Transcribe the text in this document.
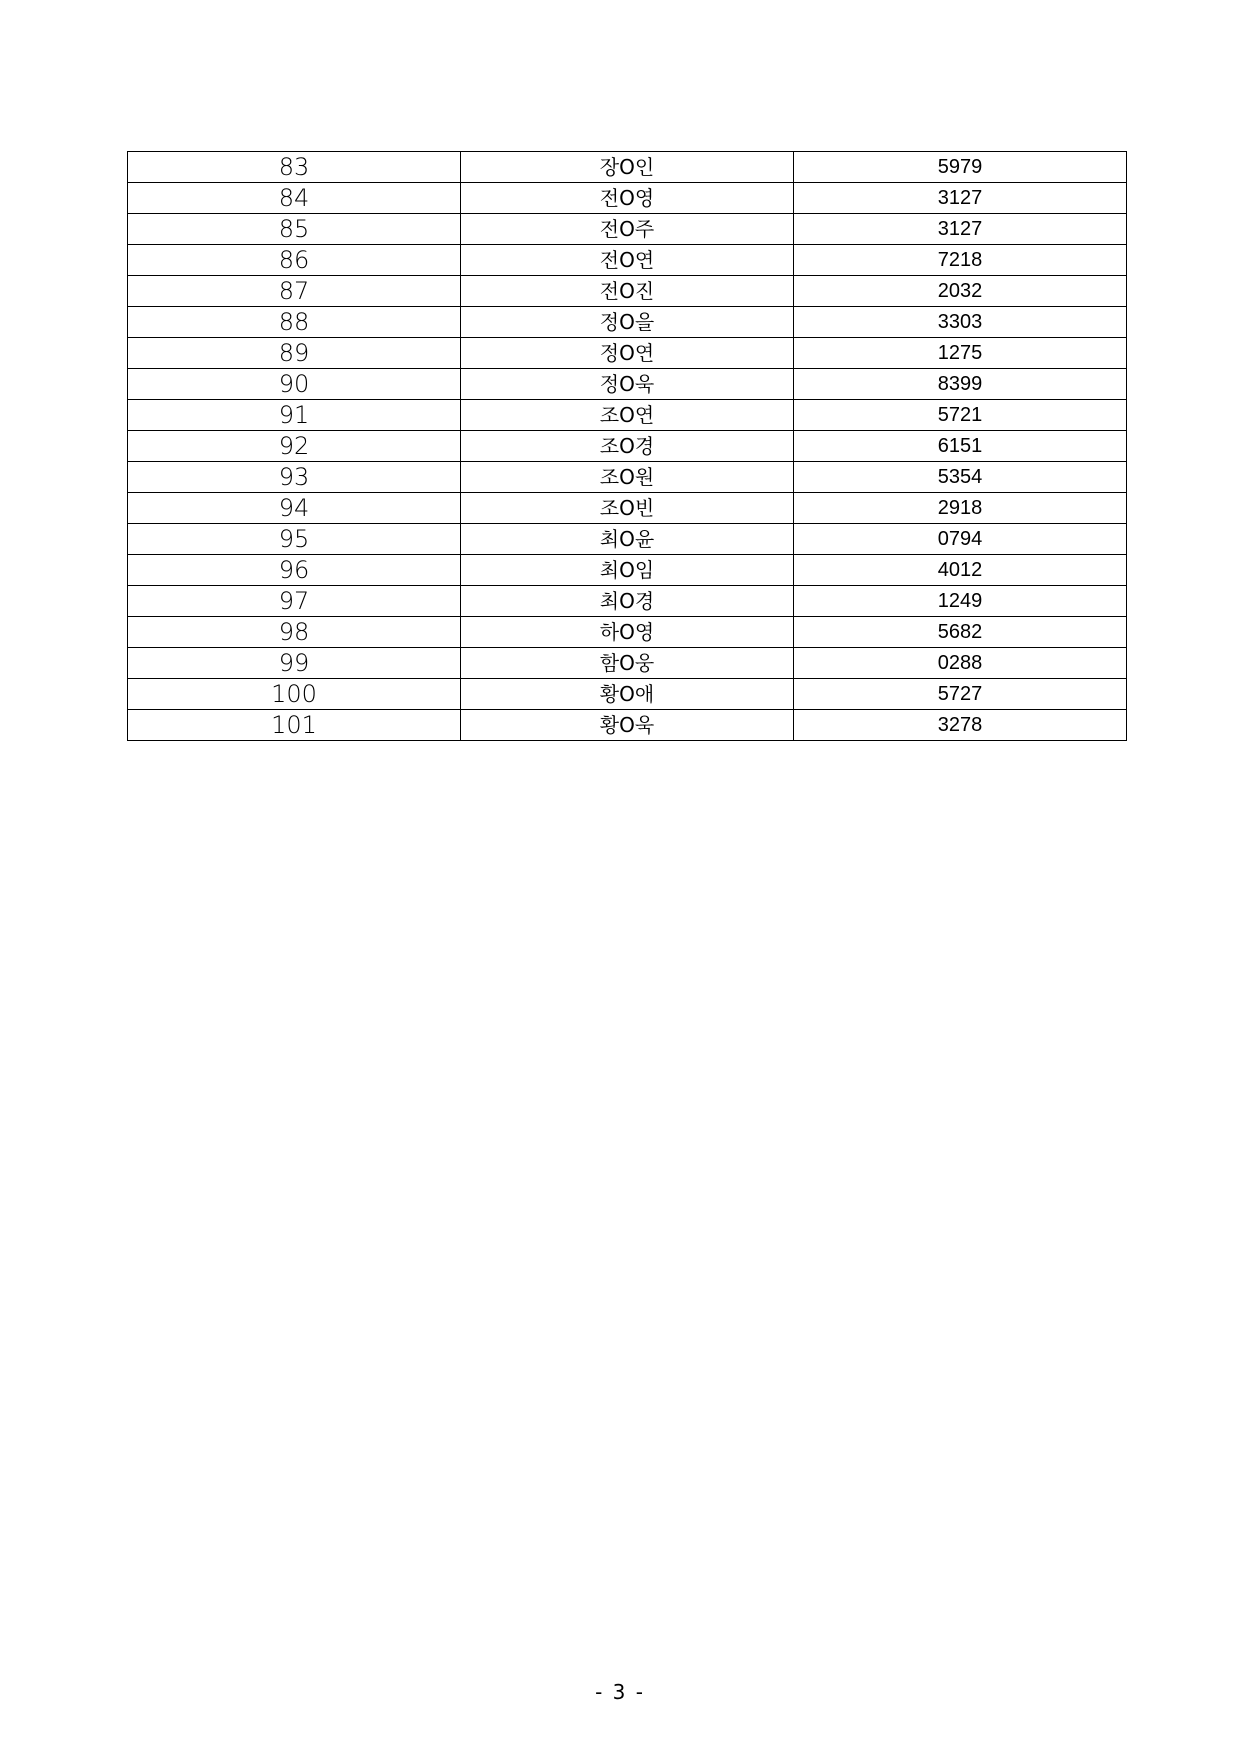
83	장O인	5979
84	전O영	3127
85	전O주	3127
86	전O연	7218
87	전O진	2032
88	정O을	3303
89	정O연	1275
90	정O욱	8399
91	조O연	5721
92	조O경	6151
93	조O원	5354
94	조O빈	2918
95	최O윤	0794
96	최O임	4012
97	최O경	1249
98	하O영	5682
99	함O웅	0288
100	황O애	5727
101	황O욱	3278
- 3 -
